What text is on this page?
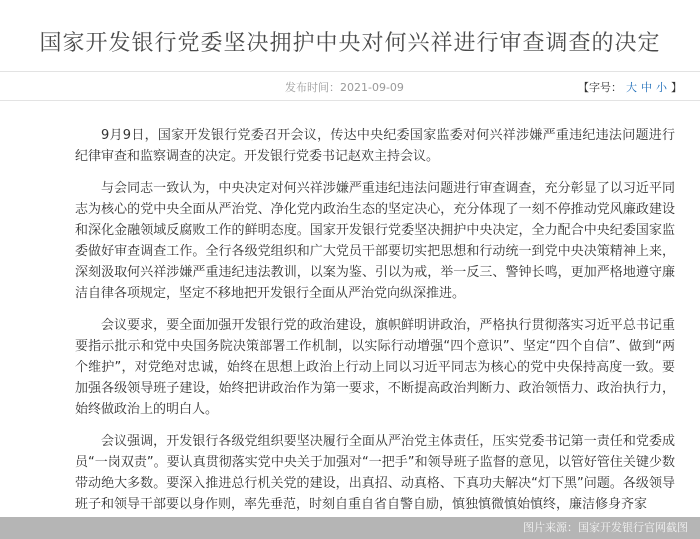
国家开发银行党委坚决拥护中央对何兴祥进行审查调查的决定
发布时间：2021-09-09	【字号： 大 中 小 】

9月9日，国家开发银行党委召开会议，传达中央纪委国家监委对何兴祥涉嫌严重违纪违法问题进行纪律审查和监察调查的决定。开发银行党委书记赵欢主持会议。

与会同志一致认为，中央决定对何兴祥涉嫌严重违纪违法问题进行审查调查，充分彰显了以习近平同志为核心的党中央全面从严治党、净化党内政治生态的坚定决心，充分体现了一刻不停推动党风廉政建设和深化金融领域反腐败工作的鲜明态度。国家开发银行党委坚决拥护中央决定，全力配合中央纪委国家监委做好审查调查工作。全行各级党组织和广大党员干部要切实把思想和行动统一到党中央决策精神上来，深刻汲取何兴祥涉嫌严重违纪违法教训，以案为鉴、引以为戒，举一反三、警钟长鸣，更加严格地遵守廉洁自律各项规定，坚定不移地把开发银行全面从严治党向纵深推进。

会议要求，要全面加强开发银行党的政治建设，旗帜鲜明讲政治，严格执行贯彻落实习近平总书记重要指示批示和党中央国务院决策部署工作机制，以实际行动增强“四个意识”、坚定“四个自信”、做到“两个维护”，对党绝对忠诚，始终在思想上政治上行动上同以习近平同志为核心的党中央保持高度一致。要加强各级领导班子建设，始终把讲政治作为第一要求，不断提高政治判断力、政治领悟力、政治执行力，始终做政治上的明白人。

会议强调，开发银行各级党组织要坚决履行全面从严治党主体责任，压实党委书记第一责任和党委成员“一岗双责”。要认真贯彻落实党中央关于加强对“一把手”和领导班子监督的意见，以管好管住关键少数带动绝大多数。要深入推进总行机关党的建设，出真招、动真格、下真功夫解决“灯下黑”问题。各级领导班子和领导干部要以身作则，率先垂范，时刻自重自省自警自励，慎独慎微慎始慎终，廉洁修身齐家

图片来源：国家开发银行官网截图
